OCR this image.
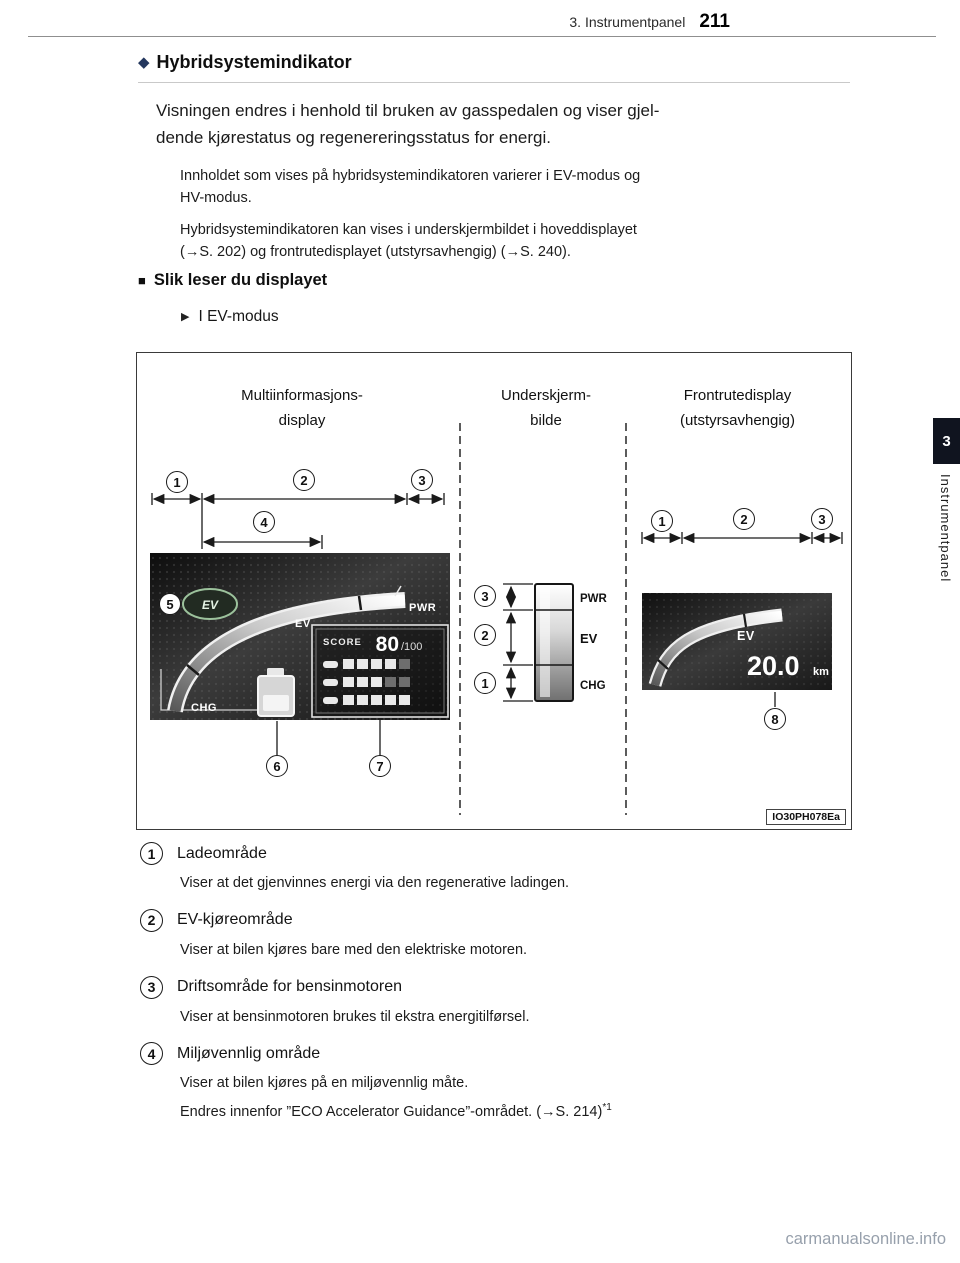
3. Instrumentpanel 211
3
Instrumentpanel
◆ Hybridsystemindikator

Visningen endres i henhold til bruken av gasspedalen og viser gjel-
dende kjørestatus og regenereringsstatus for energi.

Innholdet som vises på hybridsystemindikatoren varierer i EV-modus og
HV-modus.

Hybridsystemindikatoren kan vises i underskjermbildet i hoveddisplayet
(→S. 202) og frontrutedisplayet (utstyrsavhengig) (→S. 240).

■ Slik leser du displayet
▶ I EV-modus
Multiinformasjons-
display
Underskjerm-
bilde
Frontrutedisplay
(utstyrsavhengig)
PWR
EV
CHG
SCORE 80 /100
EV	PWR
EV
CHG
EV
20.0 km
1	2	3
4
5
6	7
3
2
1
1	2	3
8
IO30PH078Ea
1	Ladeområde

Viser at det gjenvinnes energi via den regenerative ladingen.

2	EV-kjøreområde

Viser at bilen kjøres bare med den elektriske motoren.

3	Driftsområde for bensinmotoren

Viser at bensinmotoren brukes til ekstra energitilførsel.

4	Miljøvennlig område

Viser at bilen kjøres på en miljøvennlig måte.

Endres innenfor ”ECO Accelerator Guidance”-området. (→S. 214)$^{*1}$

carmanualsonline.info
